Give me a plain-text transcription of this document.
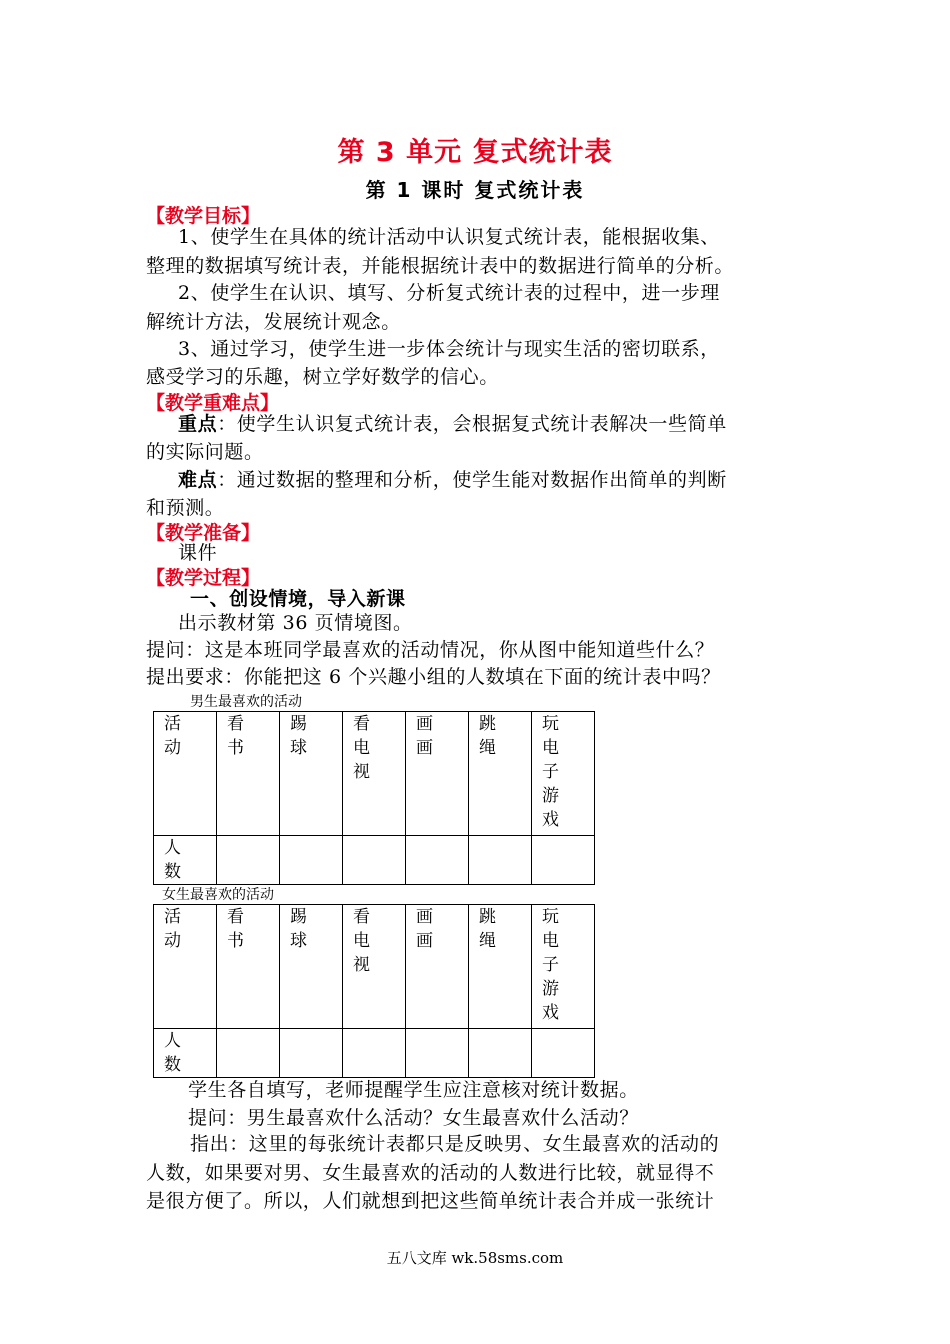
第 3 单元 复式统计表
第 1 课时 复式统计表
【教学目标】
1、使学生在具体的统计活动中认识复式统计表，能根据收集、
整理的数据填写统计表，并能根据统计表中的数据进行简单的分析。
2、使学生在认识、填写、分析复式统计表的过程中，进一步理
解统计方法，发展统计观念。
3、通过学习，使学生进一步体会统计与现实生活的密切联系，
感受学习的乐趣，树立学好数学的信心。
【教学重难点】
重点：使学生认识复式统计表，会根据复式统计表解决一些简单
的实际问题。
难点：通过数据的整理和分析，使学生能对数据作出简单的判断
和预测。
【教学准备】
课件
【教学过程】
一、创设情境，导入新课
出示教材第 36 页情境图。
提问：这是本班同学最喜欢的活动情况，你从图中能知道些什么？
提出要求：你能把这 6 个兴趣小组的人数填在下面的统计表中吗？
男生最喜欢的活动
活动	看书	踢球	看电视	画画	跳绳	玩电子游戏

人数						

女生最喜欢的活动
活动	看书	踢球	看电视	画画	跳绳	玩电子游戏

人数						

学生各自填写，老师提醒学生应注意核对统计数据。
提问：男生最喜欢什么活动？女生最喜欢什么活动？
指出：这里的每张统计表都只是反映男、女生最喜欢的活动的
人数，如果要对男、女生最喜欢的活动的人数进行比较，就显得不
是很方便了。所以，人们就想到把这些简单统计表合并成一张统计
五八文库 wk.58sms.com
